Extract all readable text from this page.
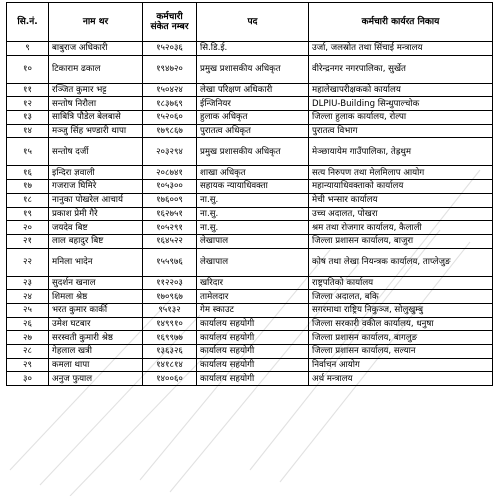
सि.नं.	नाम थर	कर्मचारी संकेत नम्बर	पद	कर्मचारी कार्यरत निकाय
९	बाबुराज अधिकारी	१५२०३६	सि.डि.ई.	उर्जा, जलस्रोत तथा सिंचाई मन्त्रालय
१०	टिकाराम ढकाल	१९४७२०	प्रमुख प्रशासकीय अधिकृत	वीरेन्द्रनगर नगरपालिका, सुर्खेत
११	रञ्जित कुमार भट्ट	१५०४२४	लेखा परिक्षण अधिकारी	महालेखापरीक्षकको कार्यालय
१२	सन्तोष निरौला	१८३७६९	ईन्जिनियर	DLPIU-Building सिन्धुपाल्चोक
१३	साबित्रि पौडेल बेलबासे	१५२०६०	हुलाक अधिकृत	जिल्ला हुलाक कार्यालय, रोल्पा
१४	मञ्जु सिंह भण्डारी थापा	१७९८६७	पुरातत्व अधिकृत	पुरातत्व विभाग
१५	सन्तोष दर्जी	२०३२९४	प्रमुख प्रशासकीय अधिकृत	मेञ्छायायेम गाउँपालिका, तेह्रथुम
१६	इन्दिरा ज्ञवाली	२०८७४१	शाखा अधिकृत	सत्य निरुपण तथा मेलमिलाप आयोग
१७	गजराज घिमिरे	१०५३००	सहायक न्यायाधिवक्ता	महान्यायाधिवक्ताको कार्यालय
१८	नानुका पोखरेल आचार्य	१७६००९	ना.सु.	मेची भन्सार कार्यालय
१९	प्रकाश प्रेमी गैरे	१६२७५१	ना.सु.	उच्च अदालत, पोखरा
२०	जयदेव बिष्ट	१०५२९१	ना.सु.	श्रम तथा रोजगार कार्यालय, कैलाली
२१	लाल बहादुर बिष्ट	१६४५२२	लेखापाल	जिल्ला प्रशासन कार्यालय, बाजुरा
२२	मनिला भादेन	१५५९७६	लेखापाल	कोष तथा लेखा नियन्त्रक कार्यालय, ताप्लेजुङ
२३	सुदर्शन खनाल	११२२०३	खरिदार	राष्ट्रपतिको कार्यालय
२४	शिमला श्रेष्ठ	१७०९६७	तामेलदार	जिल्ला अदालत, बकि
२५	भरत कुमार कार्की	९५१३२	गेम स्काउट	सगरमाथा राष्ट्रिय निकुञ्ज, सोलुखुम्बु
२६	उमेश घटबार	१४९९१०	कार्यालय सहयोगी	जिल्ला सरकारी वकील कार्यालय, धनुषा
२७	सरस्वती कुमारी श्रेष्ठ	१६९९७७	कार्यालय सहयोगी	जिल्ला प्रशासन कार्यालय, बागलुङ
२८	गेहलाल खत्री	१३६३२६	कार्यालय सहयोगी	जिल्ला प्रशासन कार्यालय, सल्यान
२९	कमला थापा	१४१८१४	कार्यालय सहयोगी	निर्वाचन आयोग
३०	अनुज फुयाल	१४००६०	कार्यालय सहयोगी	अर्थ मन्त्रालय
